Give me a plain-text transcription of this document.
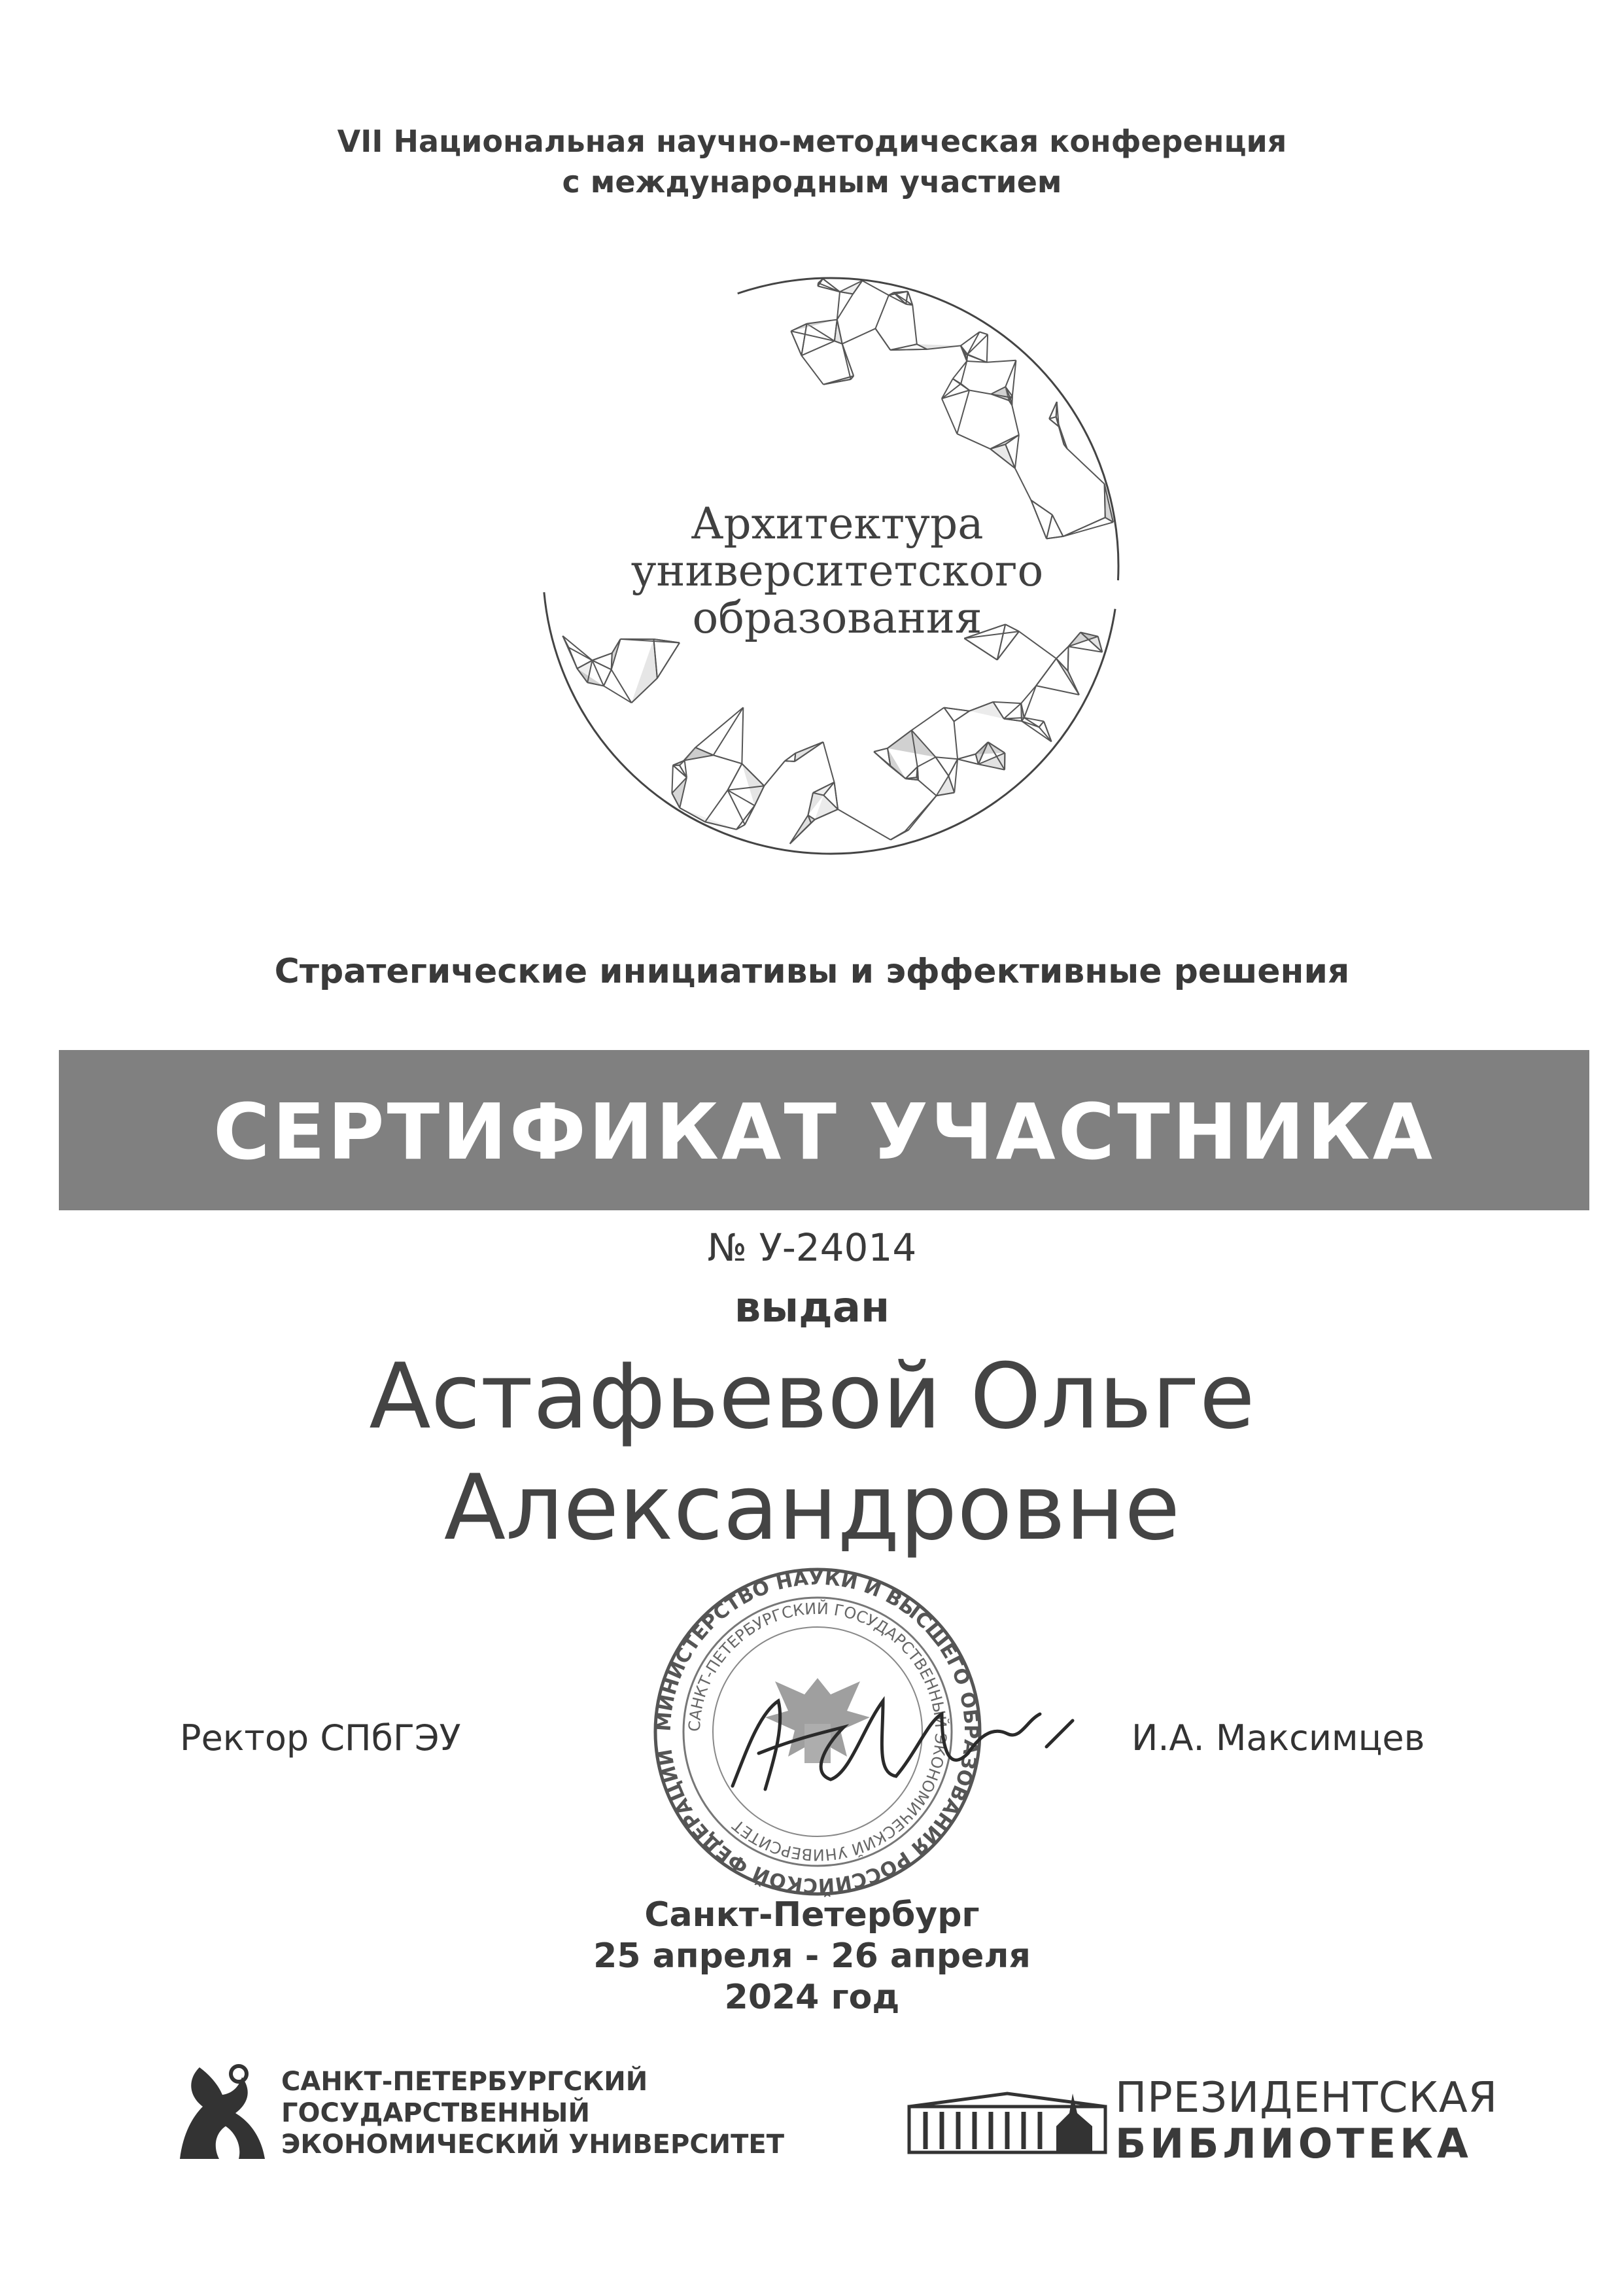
VII Национальная научно-методическая конференция
с международным участием
Архитектура
университетского
образования
Стратегические инициативы и эффективные решения
СЕРТИФИКАТ УЧАСТНИКА
№ У-24014
выдан
Астафьевой Ольге
Александровне
Ректор СПбГЭУ	И.А. Максимцев
МИНИСТЕРСТВО НАУКИ И ВЫСШЕГО ОБРАЗОВАНИЯ РОССИЙСКОЙ ФЕДЕРАЦИИ
САНКТ-ПЕТЕРБУРГСКИЙ ГОСУДАРСТВЕННЫЙ ЭКОНОМИЧЕСКИЙ УНИВЕРСИТЕТ
Санкт-Петербург
25 апреля - 26 апреля
2024 год
САНКТ-ПЕТЕРБУРГСКИЙ
ГОСУДАРСТВЕННЫЙ
ЭКОНОМИЧЕСКИЙ УНИВЕРСИТЕТ
ПРЕЗИДЕНТСКАЯ
БИБЛИОТЕКА
